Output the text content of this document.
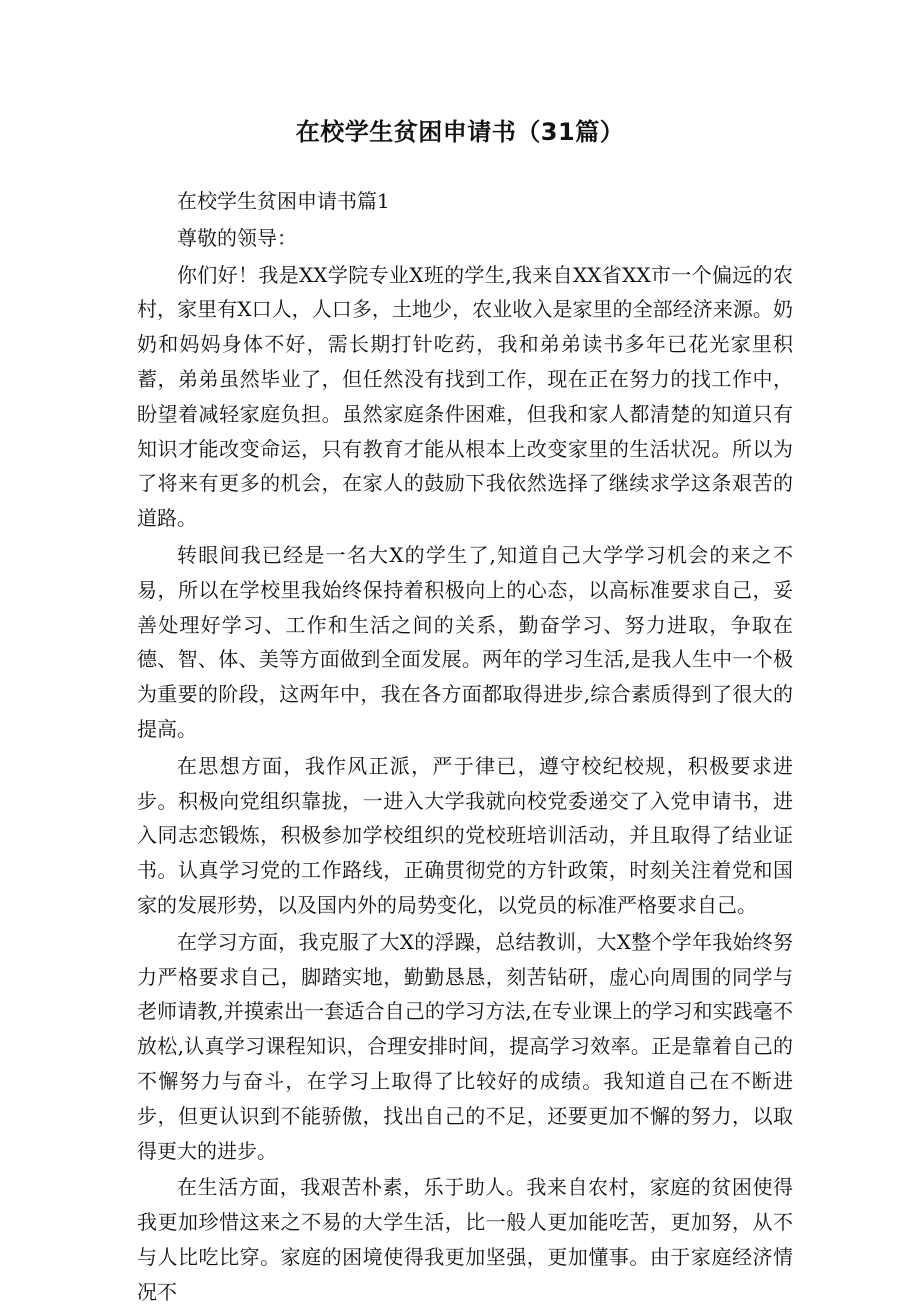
在校学生贫困申请书（31篇）

在校学生贫困申请书篇1

尊敬的领导：

你们好！我是XX学院专业X班的学生,我来自XX省XX市一个偏远的农村，家里有X口人，人口多，土地少，农业收入是家里的全部经济来源。奶奶和妈妈身体不好，需长期打针吃药，我和弟弟读书多年已花光家里积蓄，弟弟虽然毕业了，但任然没有找到工作，现在正在努力的找工作中，盼望着减轻家庭负担。虽然家庭条件困难，但我和家人都清楚的知道只有知识才能改变命运，只有教育才能从根本上改变家里的生活状况。所以为了将来有更多的机会，在家人的鼓励下我依然选择了继续求学这条艰苦的道路。

转眼间我已经是一名大X的学生了,知道自己大学学习机会的来之不易，所以在学校里我始终保持着积极向上的心态，以高标准要求自己，妥善处理好学习、工作和生活之间的关系，勤奋学习、努力进取，争取在德、智、体、美等方面做到全面发展。两年的学习生活,是我人生中一个极为重要的阶段，这两年中，我在各方面都取得进步,综合素质得到了很大的提高。

在思想方面，我作风正派，严于律已，遵守校纪校规，积极要求进步。积极向党组织靠拢，一进入大学我就向校党委递交了入党申请书，进入同志恋锻炼，积极参加学校组织的党校班培训活动，并且取得了结业证书。认真学习党的工作路线，正确贯彻党的方针政策，时刻关注着党和国家的发展形势，以及国内外的局势变化，以党员的标准严格要求自己。

在学习方面，我克服了大X的浮躁，总结教训，大X整个学年我始终努力严格要求自己，脚踏实地，勤勤恳恳，刻苦钻研，虚心向周围的同学与老师请教,并摸索出一套适合自己的学习方法,在专业课上的学习和实践毫不放松,认真学习课程知识，合理安排时间，提高学习效率。正是靠着自己的不懈努力与奋斗，在学习上取得了比较好的成绩。我知道自己在不断进步，但更认识到不能骄傲，找出自己的不足，还要更加不懈的努力，以取得更大的进步。

在生活方面，我艰苦朴素，乐于助人。我来自农村，家庭的贫困使得我更加珍惜这来之不易的大学生活，比一般人更加能吃苦，更加努，从不与人比吃比穿。家庭的困境使得我更加坚强，更加懂事。由于家庭经济情况不
